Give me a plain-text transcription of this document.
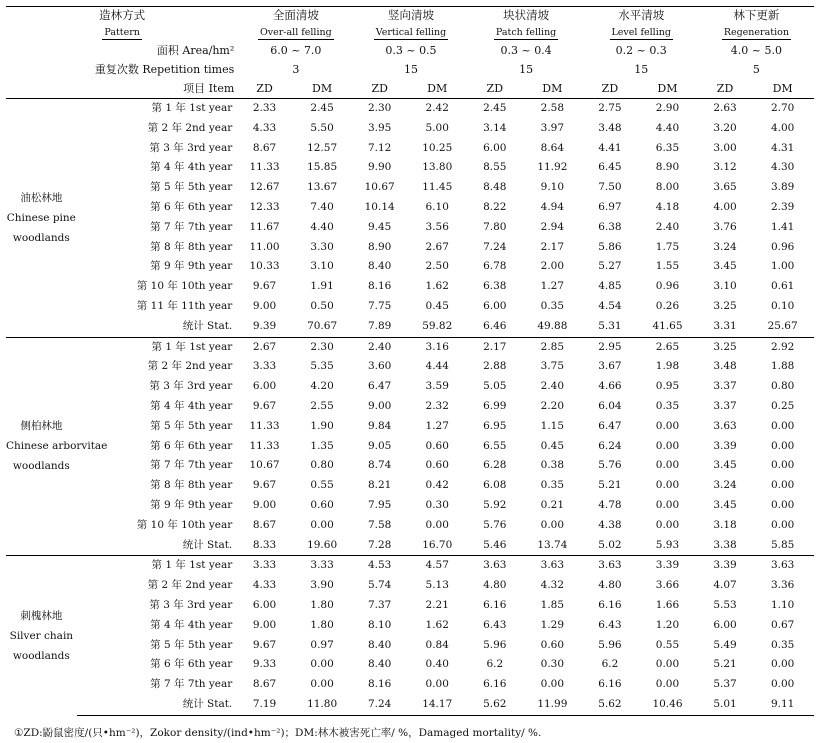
造林方式		全面清坡		竖向清坡		块状清坡		水平清坡		林下更新	
Pattern		Over-all felling		Vertical felling		Patch felling		Level felling		Regeneration	
面积 Area/hm²		6.0 ~ 7.0		0.3 ~ 0.5		0.3 ~ 0.4		0.2 ~ 0.3		4.0 ~ 5.0	
重复次数 Repetition times		3		15		15		15		5	
项目 Item		ZD	DM	ZD	DM	ZD	DM	ZD	DM	ZD	DM

油松林地
Chinese pine
woodlands	第 1 年 1st year	2.33	2.45	2.30	2.42	2.45	2.58	2.75	2.90	2.63	2.70
	第 2 年 2nd year	4.33	5.50	3.95	5.00	3.14	3.97	3.48	4.40	3.20	4.00
	第 3 年 3rd year	8.67	12.57	7.12	10.25	6.00	8.64	4.41	6.35	3.00	4.31
	第 4 年 4th year	11.33	15.85	9.90	13.80	8.55	11.92	6.45	8.90	3.12	4.30
	第 5 年 5th year	12.67	13.67	10.67	11.45	8.48	9.10	7.50	8.00	3.65	3.89
	第 6 年 6th year	12.33	7.40	10.14	6.10	8.22	4.94	6.97	4.18	4.00	2.39
	第 7 年 7th year	11.67	4.40	9.45	3.56	7.80	2.94	6.38	2.40	3.76	1.41
	第 8 年 8th year	11.00	3.30	8.90	2.67	7.24	2.17	5.86	1.75	3.24	0.96
	第 9 年 9th year	10.33	3.10	8.40	2.50	6.78	2.00	5.27	1.55	3.45	1.00
	第 10 年 10th year	9.67	1.91	8.16	1.62	6.38	1.27	4.85	0.96	3.10	0.61
	第 11 年 11th year	9.00	0.50	7.75	0.45	6.00	0.35	4.54	0.26	3.25	0.10
	统计 Stat.	9.39	70.67	7.89	59.82	6.46	49.88	5.31	41.65	3.31	25.67

侧柏林地
Chinese arborvitae
woodlands	第 1 年 1st year	2.67	2.30	2.40	3.16	2.17	2.85	2.95	2.65	3.25	2.92
	第 2 年 2nd year	3.33	5.35	3.60	4.44	2.88	3.75	3.67	1.98	3.48	1.88
	第 3 年 3rd year	6.00	4.20	6.47	3.59	5.05	2.40	4.66	0.95	3.37	0.80
	第 4 年 4th year	9.67	2.55	9.00	2.32	6.99	2.20	6.04	0.35	3.37	0.25
	第 5 年 5th year	11.33	1.90	9.84	1.27	6.95	1.15	6.47	0.00	3.63	0.00
	第 6 年 6th year	11.33	1.35	9.05	0.60	6.55	0.45	6.24	0.00	3.39	0.00
	第 7 年 7th year	10.67	0.80	8.74	0.60	6.28	0.38	5.76	0.00	3.45	0.00
	第 8 年 8th year	9.67	0.55	8.21	0.42	6.08	0.35	5.21	0.00	3.24	0.00
	第 9 年 9th year	9.00	0.60	7.95	0.30	5.92	0.21	4.78	0.00	3.45	0.00
	第 10 年 10th year	8.67	0.00	7.58	0.00	5.76	0.00	4.38	0.00	3.18	0.00
	统计 Stat.	8.33	19.60	7.28	16.70	5.46	13.74	5.02	5.93	3.38	5.85

刺槐林地
Silver chain
woodlands	第 1 年 1st year	3.33	3.33	4.53	4.57	3.63	3.63	3.63	3.39	3.39	3.63
	第 2 年 2nd year	4.33	3.90	5.74	5.13	4.80	4.32	4.80	3.66	4.07	3.36
	第 3 年 3rd year	6.00	1.80	7.37	2.21	6.16	1.85	6.16	1.66	5.53	1.10
	第 4 年 4th year	9.00	1.80	8.10	1.62	6.43	1.29	6.43	1.20	6.00	0.67
	第 5 年 5th year	9.67	0.97	8.40	0.84	5.96	0.60	5.96	0.55	5.49	0.35
	第 6 年 6th year	9.33	0.00	8.40	0.40	6.2	0.30	6.2	0.00	5.21	0.00
	第 7 年 7th year	8.67	0.00	8.16	0.00	6.16	0.00	6.16	0.00	5.37	0.00
	统计 Stat.	7.19	11.80	7.24	14.17	5.62	11.99	5.62	10.46	5.01	9.11
①ZD:鼢鼠密度/(只•hm⁻²)，Zokor density/(ind•hm⁻²)；DM:林木被害死亡率/ %，Damaged mortality/ %.
